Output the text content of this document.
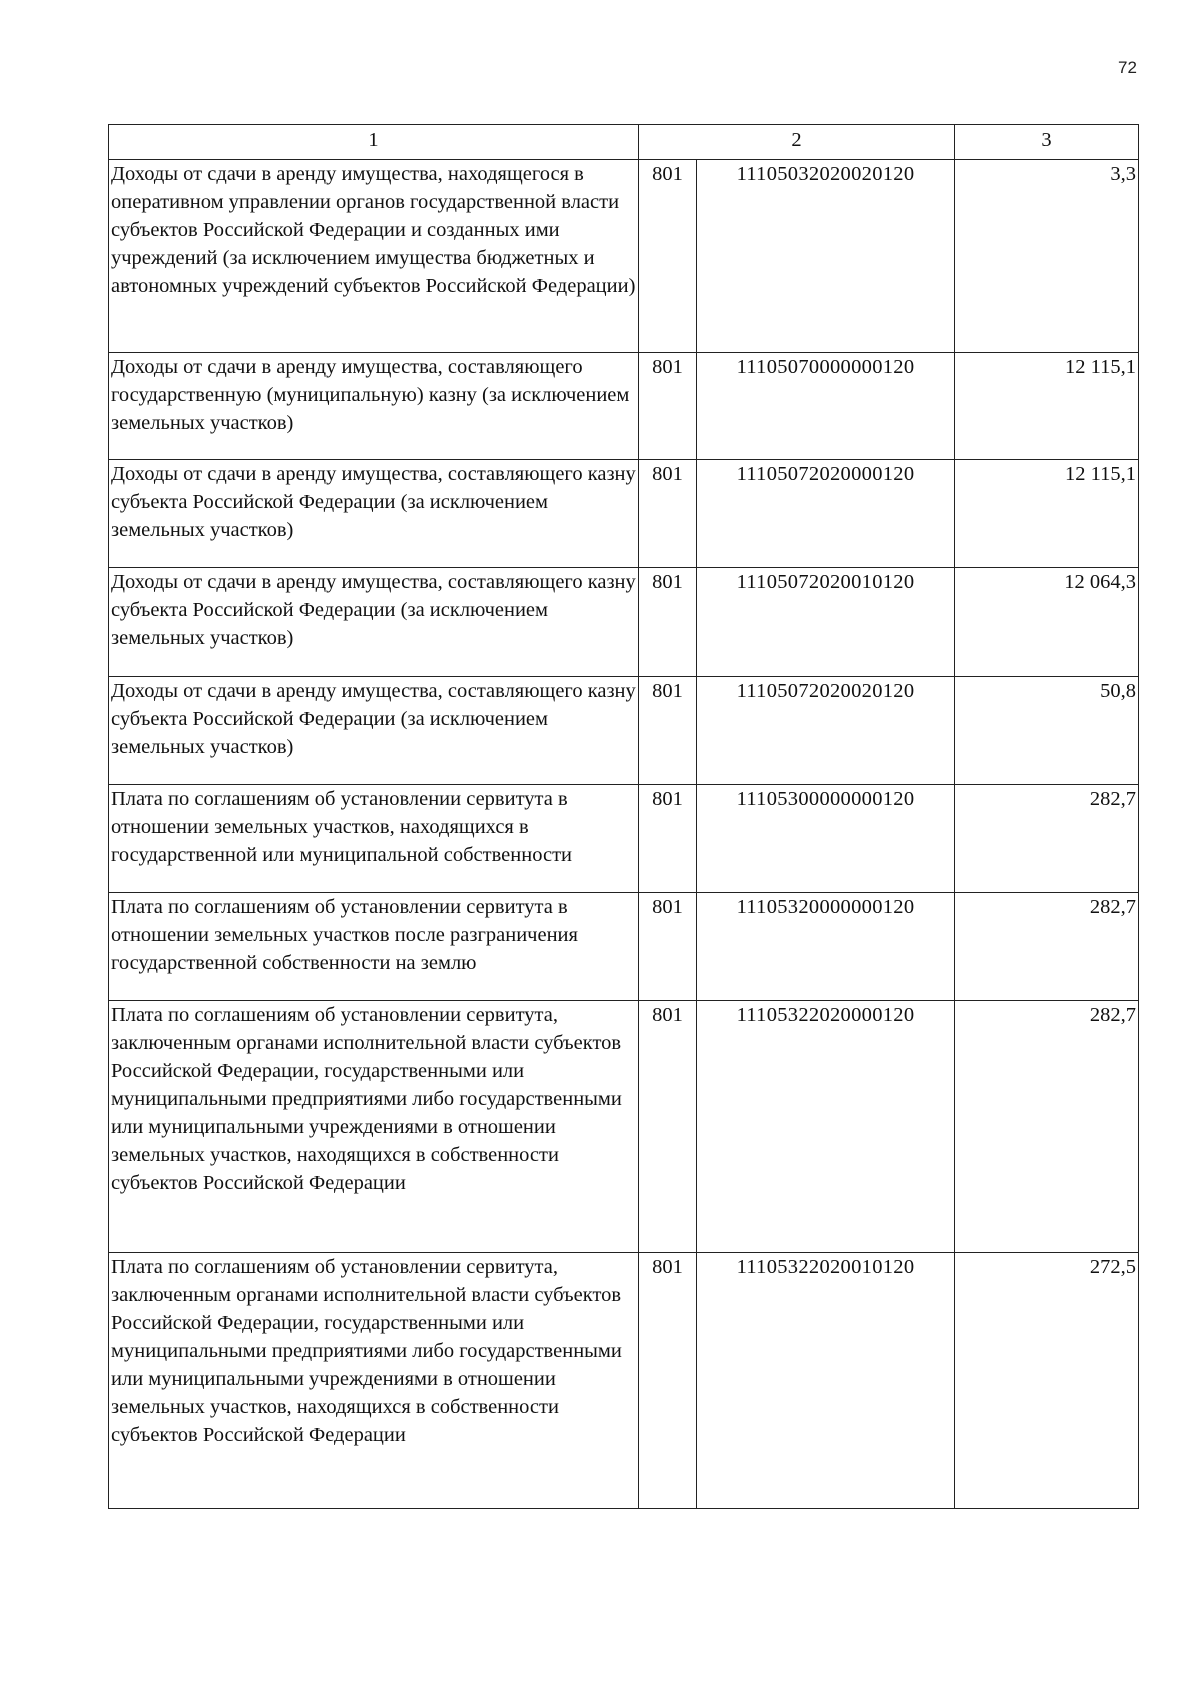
72
1	2		3
Доходы от сдачи в аренду имущества, находящегося в оперативном управлении органов государственной власти субъектов Российской Федерации и созданных ими учреждений (за исключением имущества бюджетных и автономных учреждений субъектов Российской Федерации)	801	11105032020020120	3,3
Доходы от сдачи в аренду имущества, составляющего государственную (муниципальную) казну (за исключением земельных участков)	801	11105070000000120	12 115,1
Доходы от сдачи в аренду имущества, составляющего казну субъекта Российской Федерации (за исключением земельных участков)	801	11105072020000120	12 115,1
Доходы от сдачи в аренду имущества, составляющего казну субъекта Российской Федерации (за исключением земельных участков)	801	11105072020010120	12 064,3
Доходы от сдачи в аренду имущества, составляющего казну субъекта Российской Федерации (за исключением земельных участков)	801	11105072020020120	50,8
Плата по соглашениям об установлении сервитута в отношении земельных участков, находящихся в государственной или муниципальной собственности	801	11105300000000120	282,7
Плата по соглашениям об установлении сервитута в отношении земельных участков после разграничения государственной собственности на землю	801	11105320000000120	282,7
Плата по соглашениям об установлении сервитута, заключенным органами исполнительной власти субъектов Российской Федерации, государственными или муниципальными предприятиями либо государственными или муниципальными учреждениями в отношении земельных участков, находящихся в собственности субъектов Российской Федерации	801	11105322020000120	282,7
Плата по соглашениям об установлении сервитута, заключенным органами исполнительной власти субъектов Российской Федерации, государственными или муниципальными предприятиями либо государственными или муниципальными учреждениями в отношении земельных участков, находящихся в собственности субъектов Российской Федерации	801	11105322020010120	272,5
